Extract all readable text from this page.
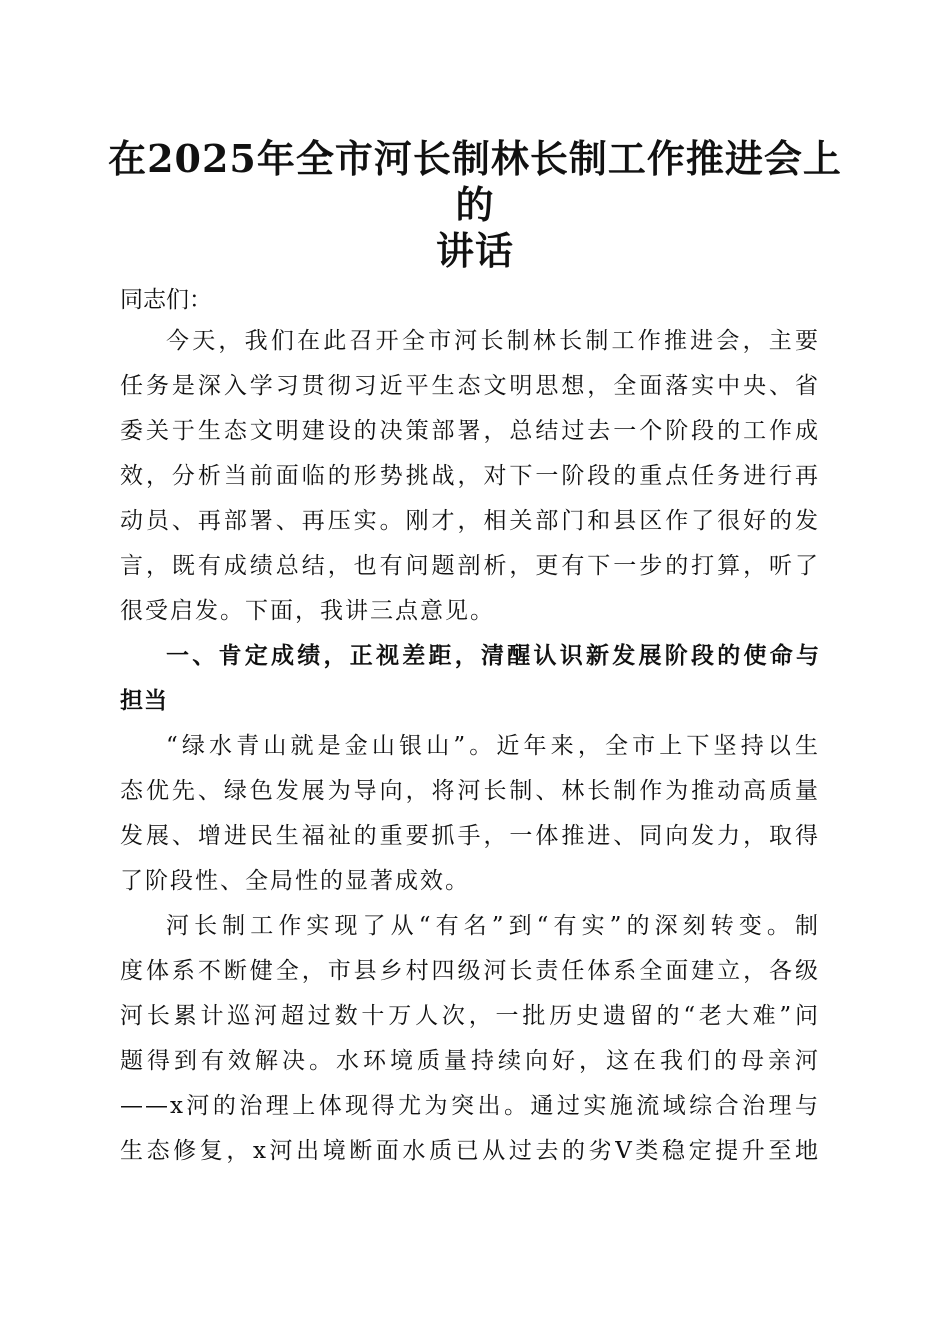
在2025年全市河长制林长制工作推进会上的
讲话
同志们：
今天，我们在此召开全市河长制林长制工作推进会，主要
任务是深入学习贯彻习近平生态文明思想，全面落实中央、省
委关于生态文明建设的决策部署，总结过去一个阶段的工作成
效，分析当前面临的形势挑战，对下一阶段的重点任务进行再
动员、再部署、再压实。刚才，相关部门和县区作了很好的发
言，既有成绩总结，也有问题剖析，更有下一步的打算，听了
很受启发。下面，我讲三点意见。
一、肯定成绩，正视差距，清醒认识新发展阶段的使命与
担当
“绿水青山就是金山银山”。近年来，全市上下坚持以生
态优先、绿色发展为导向，将河长制、林长制作为推动高质量
发展、增进民生福祉的重要抓手，一体推进、同向发力，取得
了阶段性、全局性的显著成效。
河长制工作实现了从“有名”到“有实”的深刻转变。制
度体系不断健全，市县乡村四级河长责任体系全面建立，各级
河长累计巡河超过数十万人次，一批历史遗留的“老大难”问
题得到有效解决。水环境质量持续向好，这在我们的母亲河
——x河的治理上体现得尤为突出。通过实施流域综合治理与
生态修复，x河出境断面水质已从过去的劣Ⅴ类稳定提升至地
